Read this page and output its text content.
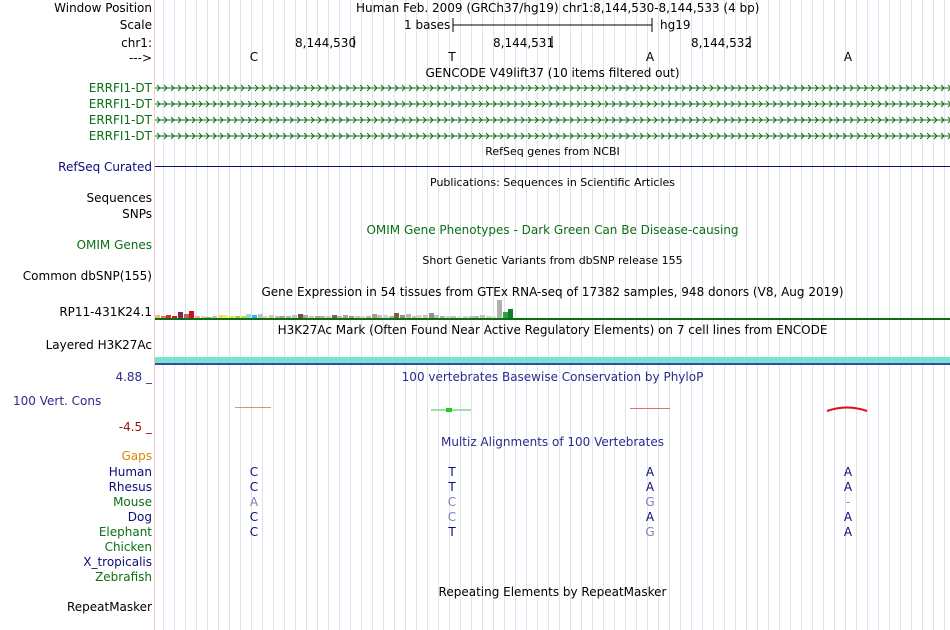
Window Position	Human Feb. 2009 (GRCh37/hg19) chr1:8,144,530-8,144,533 (4 bp)
Scale	1 bases	hg19
chr1:	8,144,530	8,144,531	8,144,532
--->	C	T	A	A
GENCODE V49lift37 (10 items filtered out)
ERRFI1-DT
ERRFI1-DT
ERRFI1-DT
ERRFI1-DT
RefSeq genes from NCBI
RefSeq Curated
Publications: Sequences in Scientific Articles
Sequences
SNPs
OMIM Gene Phenotypes - Dark Green Can Be Disease-causing
OMIM Genes
Short Genetic Variants from dbSNP release 155
Common dbSNP(155)
Gene Expression in 54 tissues from GTEx RNA-seq of 17382 samples, 948 donors (V8, Aug 2019)
RP11-431K24.1
H3K27Ac Mark (Often Found Near Active Regulatory Elements) on 7 cell lines from ENCODE
Layered H3K27Ac
4.88 _	100 vertebrates Basewise Conservation by PhyloP
100 Vert. Cons
-4.5 _
Multiz Alignments of 100 Vertebrates
Gaps
Human	C	T	A	A
Rhesus	C	T	A	A
Mouse	A	C	G	-
Dog	C	C	A	A
Elephant	C	T	G	A
Chicken
X_tropicalis
Zebrafish
Repeating Elements by RepeatMasker
RepeatMasker
